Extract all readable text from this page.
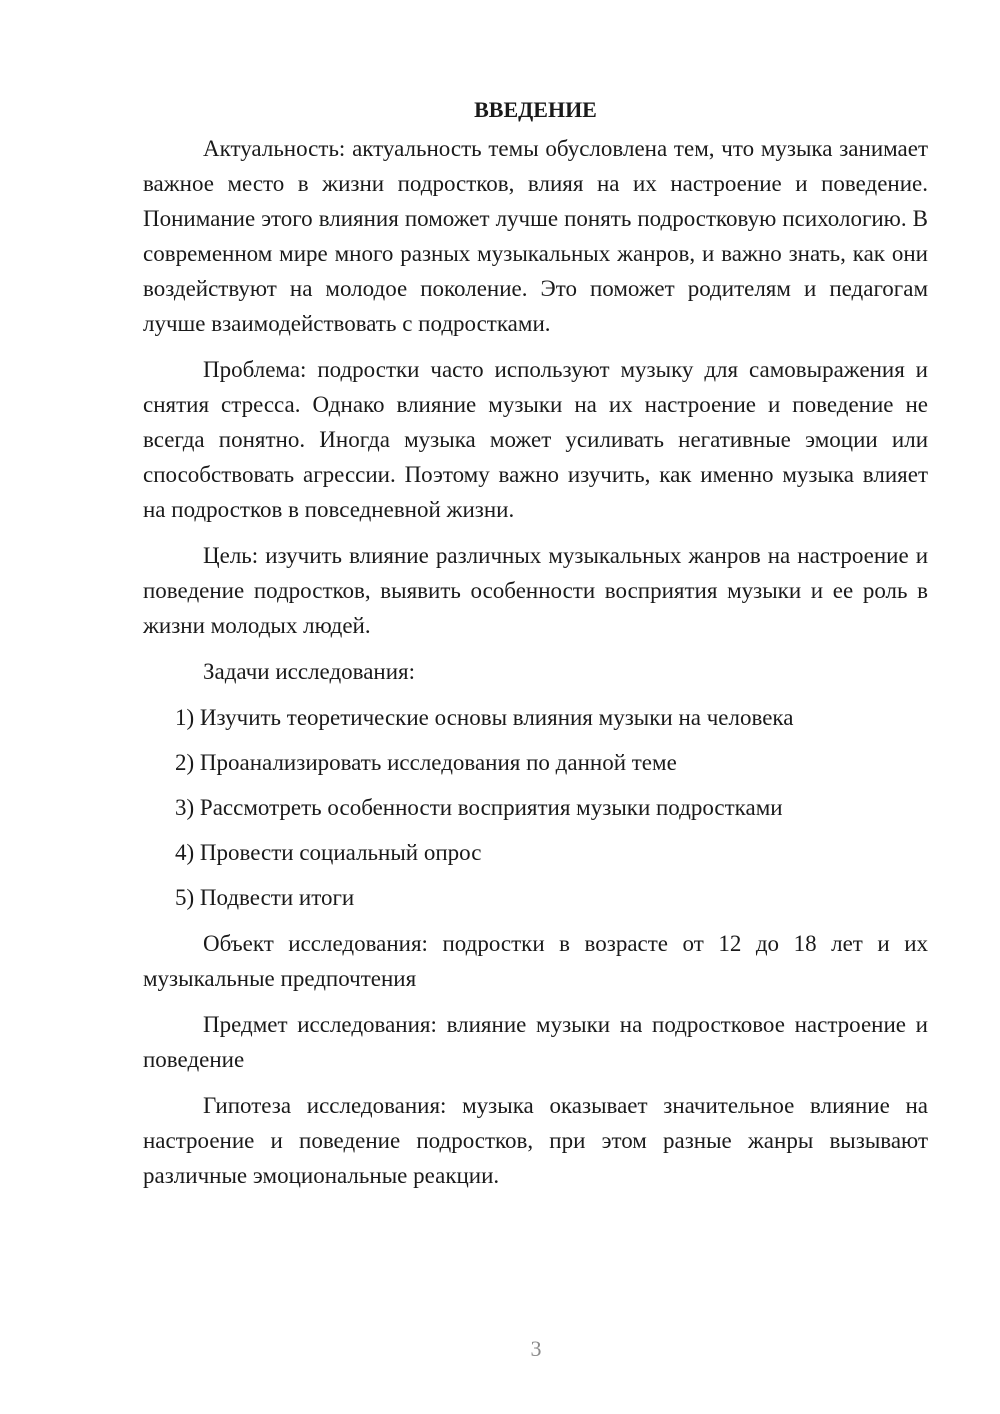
ВВЕДЕНИЕ

Актуальность: актуальность темы обусловлена тем, что музыка занимает важное место в жизни подростков, влияя на их настроение и поведение. Понимание этого влияния поможет лучше понять подростковую психологию. В современном мире много разных музыкальных жанров, и важно знать, как они воздействуют на молодое поколение. Это поможет родителям и педагогам лучше взаимодействовать с подростками.

Проблема: подростки часто используют музыку для самовыражения и снятия стресса. Однако влияние музыки на их настроение и поведение не всегда понятно. Иногда музыка может усиливать негативные эмоции или способствовать агрессии. Поэтому важно изучить, как именно музыка влияет на подростков в повседневной жизни.

Цель: изучить влияние различных музыкальных жанров на настроение и поведение подростков, выявить особенности восприятия музыки и ее роль в жизни молодых людей.

Задачи исследования:
1) Изучить теоретические основы влияния музыки на человека
2) Проанализировать исследования по данной теме
3) Рассмотреть особенности восприятия музыки подростками
4) Провести социальный опрос
5) Подвести итоги

Объект исследования: подростки в возрасте от 12 до 18 лет и их музыкальные предпочтения

Предмет исследования: влияние музыки на подростковое настроение и поведение

Гипотеза исследования: музыка оказывает значительное влияние на настроение и поведение подростков, при этом разные жанры вызывают различные эмоциональные реакции.

3
